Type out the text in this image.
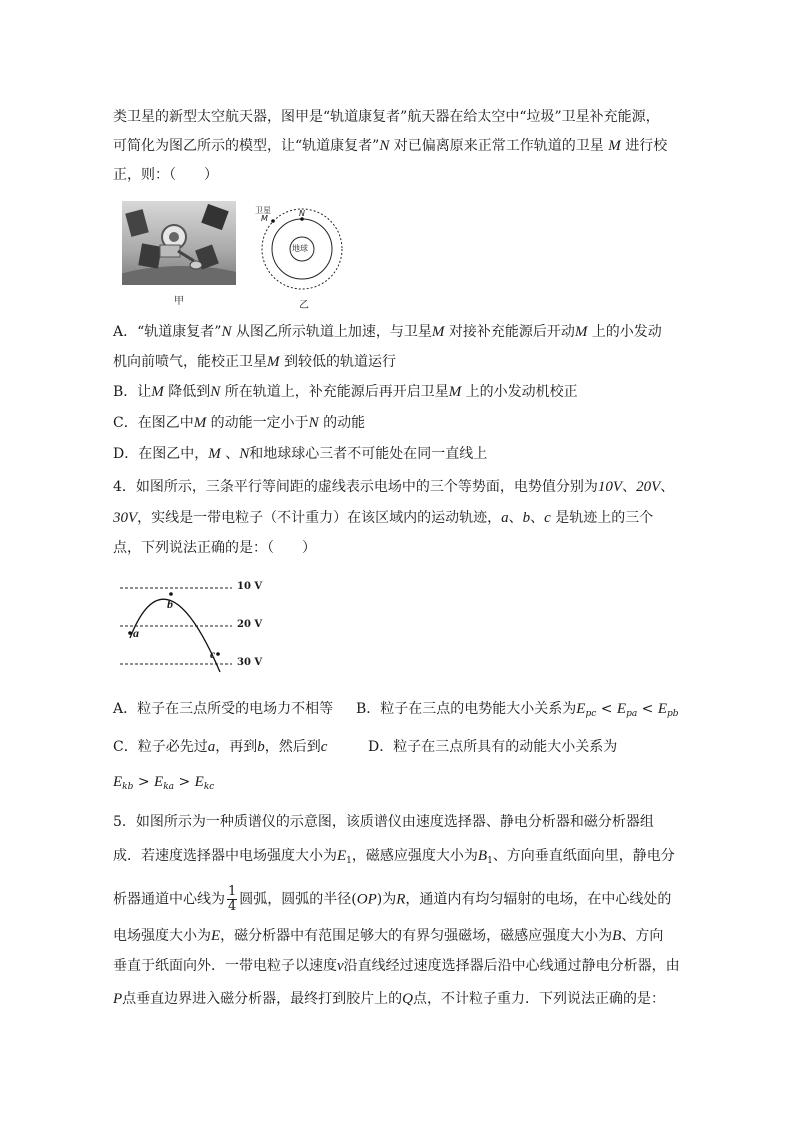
类卫星的新型太空航天器，图甲是“轨道康复者”航天器在给太空中“垃圾”卫星补充能源，
可简化为图乙所示的模型，让“轨道康复者”N 对已偏离原来正常工作轨道的卫星 M 进行校
正，则：（　　）
甲
卫星
M
N
地球
乙
A．“轨道康复者”N 从图乙所示轨道上加速，与卫星M 对接补充能源后开动M 上的小发动
机向前喷气，能校正卫星M 到较低的轨道运行
B．让M 降低到N 所在轨道上，补充能源后再开启卫星M 上的小发动机校正
C．在图乙中M 的动能一定小于N 的动能
D．在图乙中，M 、N和地球球心三者不可能处在同一直线上
4．如图所示，三条平行等间距的虚线表示电场中的三个等势面，电势值分别为10V、20V、
30V，实线是一带电粒子（不计重力）在该区域内的运动轨迹，a、b、c 是轨迹上的三个
点，下列说法正确的是：（　　）
10 V
20 V
30 V
a
b
c
A．粒子在三点所受的电场力不相等	B．粒子在三点的电势能大小关系为$E_{pc} < E_{pa} < E_{pb}$
C．粒子必先过a，再到b，然后到c	D．粒子在三点所具有的动能大小关系为
$E_{kb} > E_{ka} > E_{kc}$
5．如图所示为一种质谱仪的示意图，该质谱仪由速度选择器、静电分析器和磁分析器组
成．若速度选择器中电场强度大小为$E_1$，磁感应强度大小为$B_1$、方向垂直纸面向里，静电分
析器通道中心线为 $\frac{1}{4}$ 圆弧，圆弧的半径(OP)为R，通道内有均匀辐射的电场，在中心线处的
电场强度大小为E，磁分析器中有范围足够大的有界匀强磁场，磁感应强度大小为B、方向
垂直于纸面向外．一带电粒子以速度v沿直线经过速度选择器后沿中心线通过静电分析器，由
P点垂直边界进入磁分析器，最终打到胶片上的Q点，不计粒子重力．下列说法正确的是：
